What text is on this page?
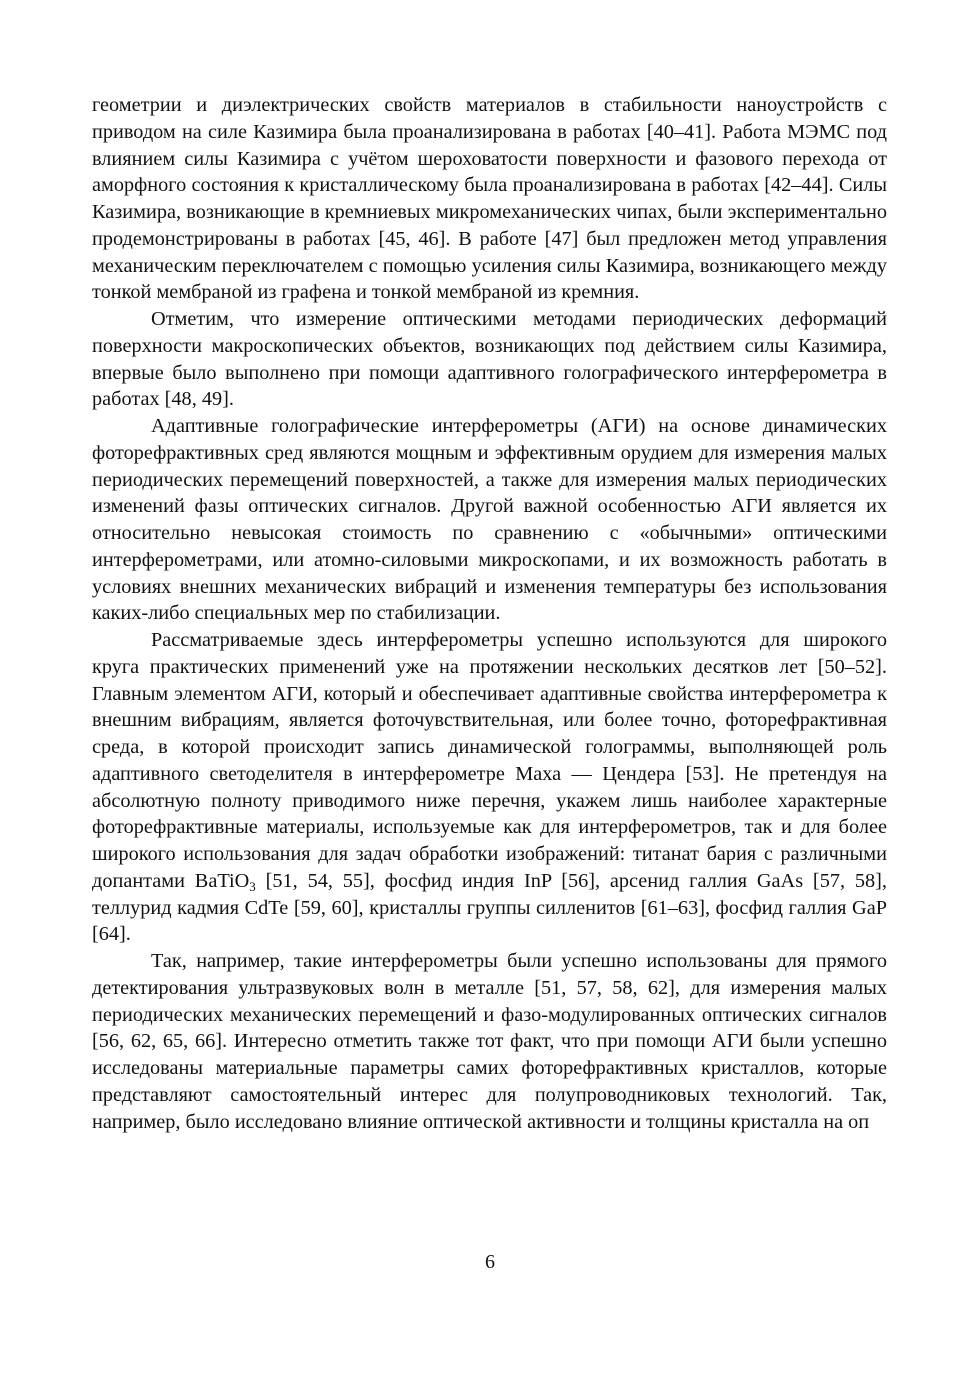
геометрии и диэлектрических свойств материалов в стабильности наноустройств с приводом на силе Казимира была проанализирована в работах [40–41]. Работа МЭМС под влиянием силы Казимира с учётом шероховатости поверхности и фазового перехода от аморфного состояния к кристаллическому была проанализирована в работах [42–44]. Силы Казимира, возникающие в кремниевых микромеханических чипах, были экспериментально продемонстрированы в работах [45, 46]. В работе [47] был предложен метод управления механическим переключателем с помощью усиления силы Казимира, возникающего между тонкой мембраной из графена и тонкой мембраной из кремния.

Отметим, что измерение оптическими методами периодических деформаций поверхности макроскопических объектов, возникающих под действием силы Казимира, впервые было выполнено при помощи адаптивного голографического интерферометра в работах [48, 49].

Адаптивные голографические интерферометры (АГИ) на основе динамических фоторефрактивных сред являются мощным и эффективным орудием для измерения малых периодических перемещений поверхностей, а также для измерения малых периодических изменений фазы оптических сигналов. Другой важной особенностью АГИ является их относительно невысокая стоимость по сравнению с «обычными» оптическими интерферометрами, или атомно-силовыми микроскопами, и их возможность работать в условиях внешних механических вибраций и изменения температуры без использования каких-либо специальных мер по стабилизации.

Рассматриваемые здесь интерферометры успешно используются для широкого круга практических применений уже на протяжении нескольких десятков лет [50–52]. Главным элементом АГИ, который и обеспечивает адаптивные свойства интерферометра к внешним вибрациям, является фоточувствительная, или более точно, фоторефрактивная среда, в которой происходит запись динамической голограммы, выполняющей роль адаптивного светоделителя в интерферометре Маха — Цендера [53]. Не претендуя на абсолютную полноту приводимого ниже перечня, укажем лишь наиболее характерные фоторефрактивные материалы, используемые как для интерферометров, так и для более широкого использования для задач обработки изображений: титанат бария с различными допантами BaTiO$_3$ [51, 54, 55], фосфид индия InP [56], арсенид галлия GaAs [57, 58], теллурид кадмия CdTe [59, 60], кристаллы группы силленитов [61–63], фосфид галлия GaP [64].

Так, например, такие интерферометры были успешно использованы для прямого детектирования ультразвуковых волн в металле [51, 57, 58, 62], для измерения малых периодических механических перемещений и фазо-модулированных оптических сигналов [56, 62, 65, 66]. Интересно отметить также тот факт, что при помощи АГИ были успешно исследованы материальные параметры самих фоторефрактивных кристаллов, которые представляют самостоятельный интерес для полупроводниковых технологий. Так, например, было исследовано влияние оптической активности и толщины кристалла на оп

6
